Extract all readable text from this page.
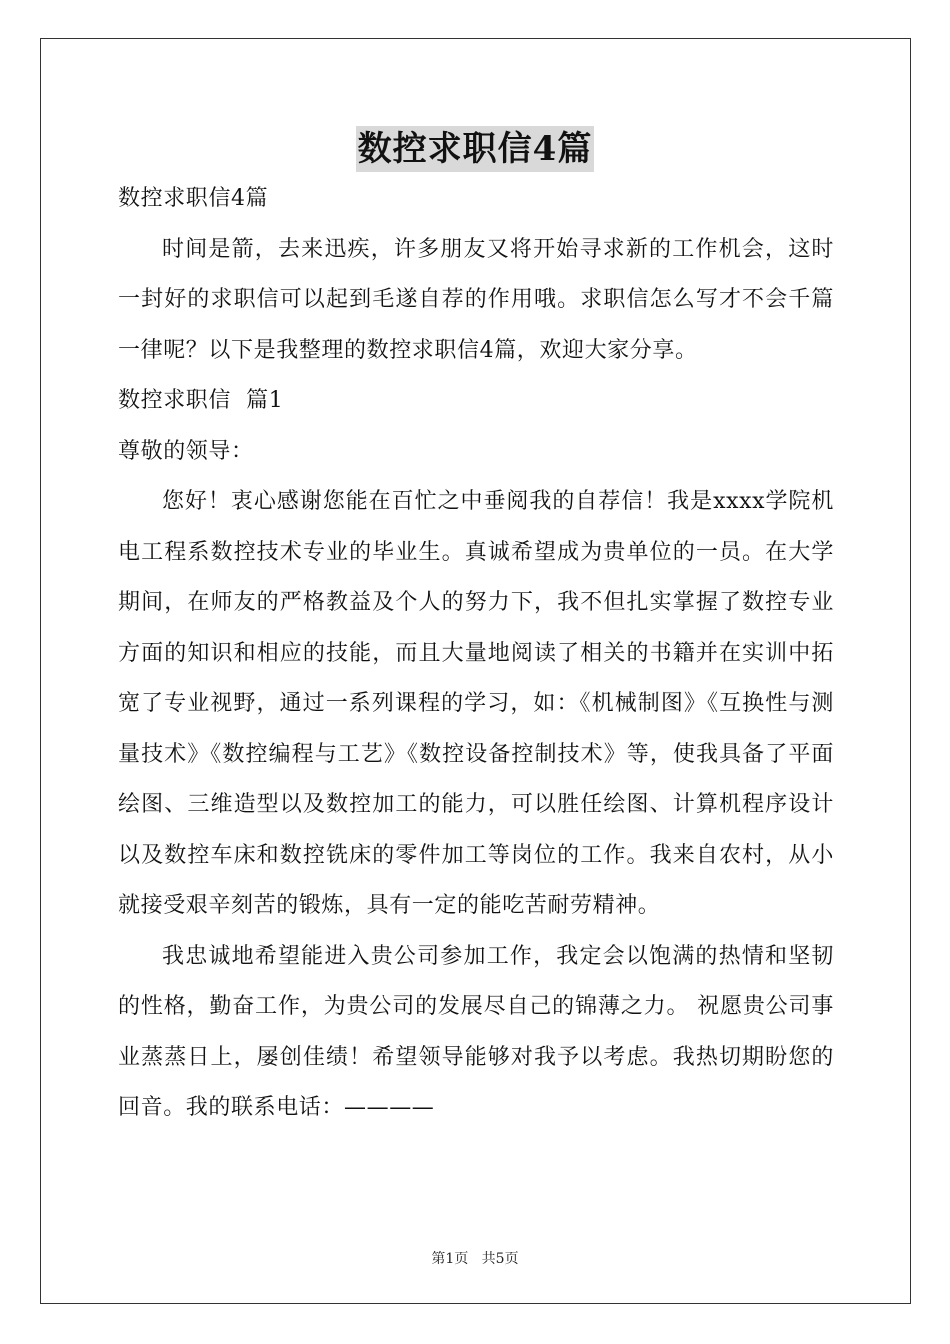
数控求职信4篇

数控求职信4篇

时间是箭，去来迅疾，许多朋友又将开始寻求新的工作机会，这时一封好的求职信可以起到毛遂自荐的作用哦。求职信怎么写才不会千篇一律呢？以下是我整理的数控求职信4篇，欢迎大家分享。

数控求职信  篇1

尊敬的领导：

您好！衷心感谢您能在百忙之中垂阅我的自荐信！我是xxxx学院机电工程系数控技术专业的毕业生。真诚希望成为贵单位的一员。在大学期间，在师友的严格教益及个人的努力下，我不但扎实掌握了数控专业方面的知识和相应的技能，而且大量地阅读了相关的书籍并在实训中拓宽了专业视野，通过一系列课程的学习，如：《机械制图》《互换性与测量技术》《数控编程与工艺》《数控设备控制技术》等，使我具备了平面绘图、三维造型以及数控加工的能力，可以胜任绘图、计算机程序设计以及数控车床和数控铣床的零件加工等岗位的工作。我来自农村，从小就接受艰辛刻苦的锻炼，具有一定的能吃苦耐劳精神。

我忠诚地希望能进入贵公司参加工作，我定会以饱满的热情和坚韧的性格，勤奋工作，为贵公司的发展尽自己的锦薄之力。 祝愿贵公司事业蒸蒸日上，屡创佳绩！希望领导能够对我予以考虑。我热切期盼您的回音。我的联系电话：————

第1页   共5页
